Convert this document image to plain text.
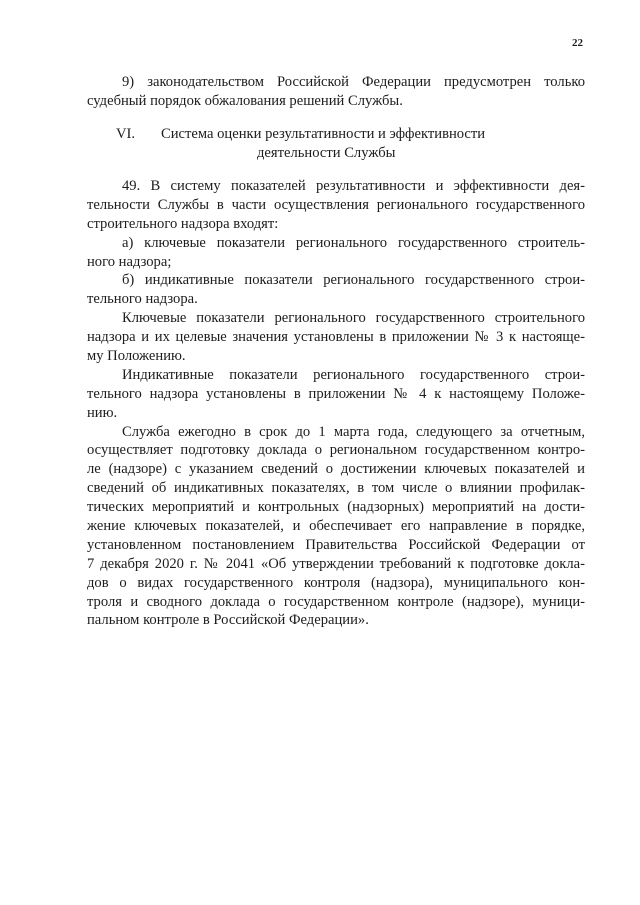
22
9) законодательством Российской Федерации предусмотрен только
судебный порядок обжалования решений Службы.
VI. Система оценки результативности и эффективности
деятельности Службы
49. В систему показателей результативности и эффективности дея-
тельности Службы в части осуществления регионального государственного
строительного надзора входят:
а) ключевые показатели регионального государственного строитель-
ного надзора;
б) индикативные показатели регионального государственного строи-
тельного надзора.
Ключевые показатели регионального государственного строительного
надзора и их целевые значения установлены в приложении № 3 к настояще-
му Положению.
Индикативные показатели регионального государственного строи-
тельного надзора установлены в приложении № 4 к настоящему Положе-
нию.
Служба ежегодно в срок до 1 марта года, следующего за отчетным,
осуществляет подготовку доклада о региональном государственном контро-
ле (надзоре) с указанием сведений о достижении ключевых показателей и
сведений об индикативных показателях, в том числе о влиянии профилак-
тических мероприятий и контрольных (надзорных) мероприятий на дости-
жение ключевых показателей, и обеспечивает его направление в порядке,
установленном постановлением Правительства Российской Федерации от
7 декабря 2020 г. № 2041 «Об утверждении требований к подготовке докла-
дов о видах государственного контроля (надзора), муниципального кон-
троля и сводного доклада о государственном контроле (надзоре), муници-
пальном контроле в Российской Федерации».
